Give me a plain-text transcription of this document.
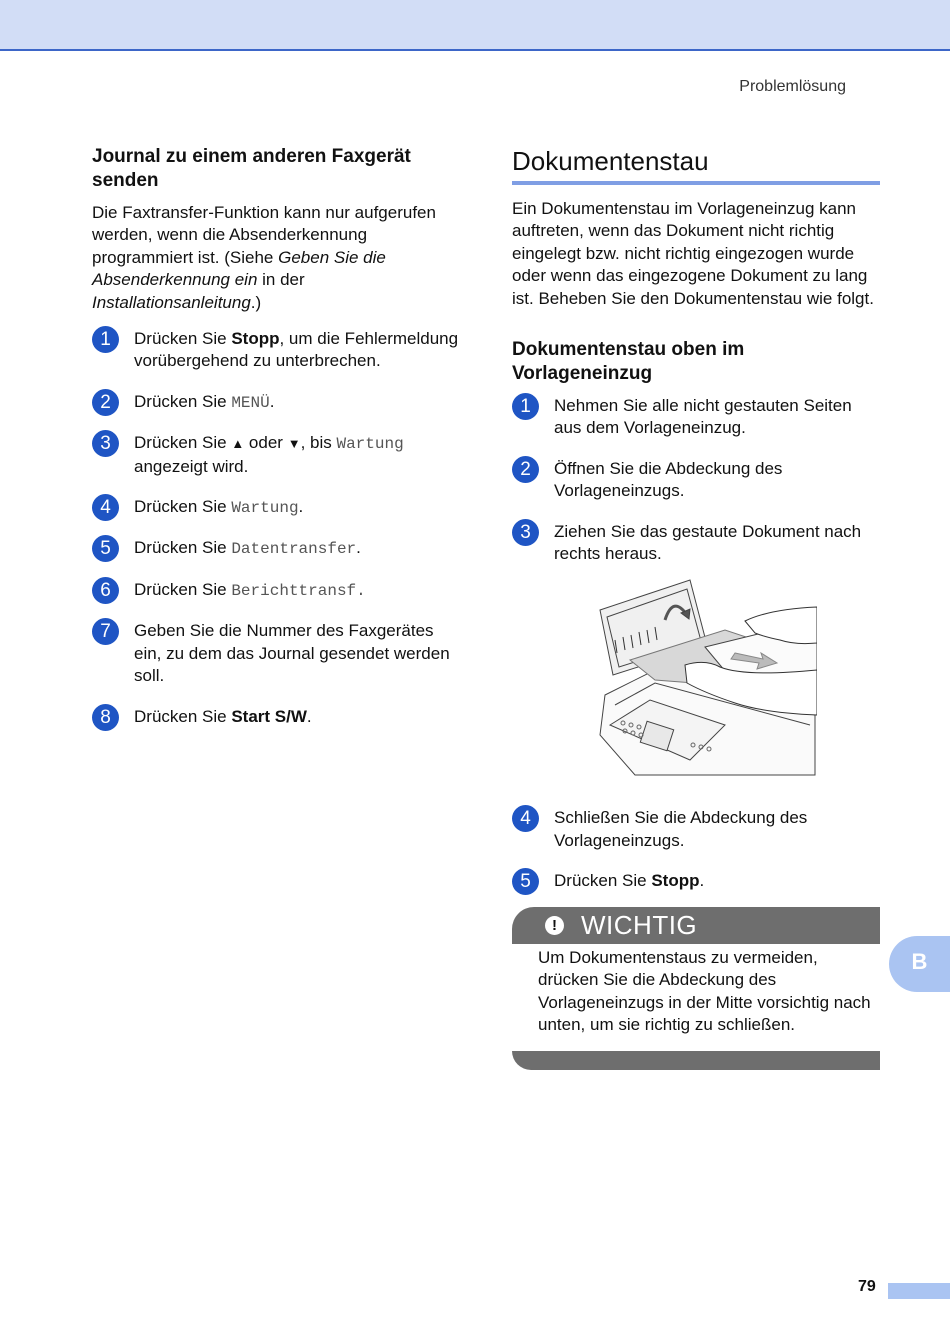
Problemlösung
Journal zu einem anderen Faxgerät senden

Die Faxtransfer-Funktion kann nur aufgerufen werden, wenn die Absenderkennung programmiert ist. (Siehe Geben Sie die Absenderkennung ein in der Installationsanleitung.)

1	Drücken Sie Stopp, um die Fehlermeldung vorübergehend zu unterbrechen.
2	Drücken Sie MENÜ.
3	Drücken Sie ▲ oder ▼, bis Wartung angezeigt wird.
4	Drücken Sie Wartung.
5	Drücken Sie Datentransfer.
6	Drücken Sie Berichttransf.
7	Geben Sie die Nummer des Faxgerätes ein, zu dem das Journal gesendet werden soll.
8	Drücken Sie Start S/W.
Dokumentenstau

Ein Dokumentenstau im Vorlageneinzug kann auftreten, wenn das Dokument nicht richtig eingelegt bzw. nicht richtig eingezogen wurde oder wenn das eingezogene Dokument zu lang ist. Beheben Sie den Dokumentenstau wie folgt.

Dokumentenstau oben im Vorlageneinzug
1	Nehmen Sie alle nicht gestauten Seiten aus dem Vorlageneinzug.
2	Öffnen Sie die Abdeckung des Vorlageneinzugs.
3	Ziehen Sie das gestaute Dokument nach rechts heraus.
4	Schließen Sie die Abdeckung des Vorlageneinzugs.
5	Drücken Sie Stopp.
! WICHTIG

Um Dokumentenstaus zu vermeiden, drücken Sie die Abdeckung des Vorlageneinzugs in der Mitte vorsichtig nach unten, um sie richtig zu schließen.

B
79
